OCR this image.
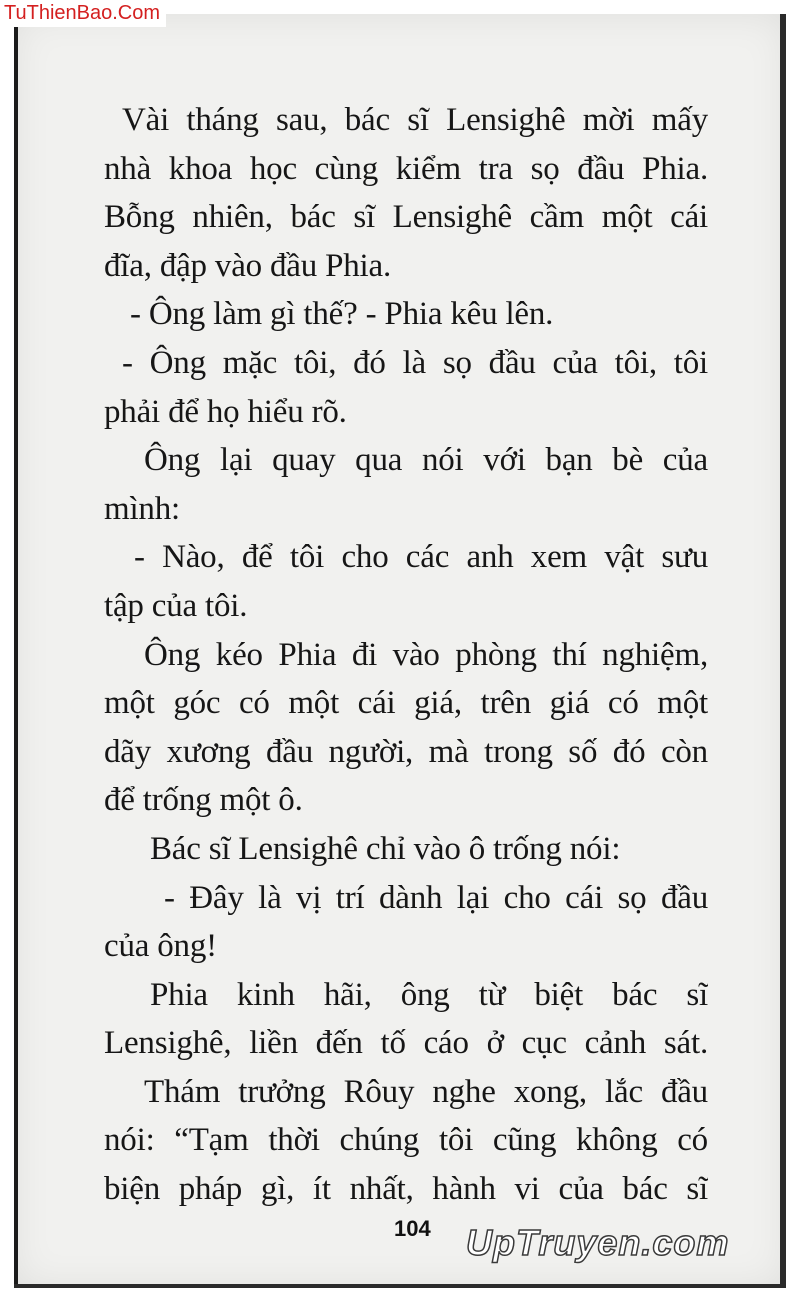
TuThienBao.Com
Vài tháng sau, bác sĩ Lensighê mời mấy
nhà khoa học cùng kiểm tra sọ đầu Phia.
Bỗng nhiên, bác sĩ Lensighê cầm một cái
đĩa, đập vào đầu Phia.
- Ông làm gì thế? - Phia kêu lên.
- Ông mặc tôi, đó là sọ đầu của tôi, tôi
phải để họ hiểu rõ.
Ông lại quay qua nói với bạn bè của
mình:
- Nào, để tôi cho các anh xem vật sưu
tập của tôi.
Ông kéo Phia đi vào phòng thí nghiệm,
một góc có một cái giá, trên giá có một
dãy xương đầu người, mà trong số đó còn
để trống một ô.
Bác sĩ Lensighê chỉ vào ô trống nói:
- Đây là vị trí dành lại cho cái sọ đầu
của ông!
Phia kinh hãi, ông từ biệt bác sĩ
Lensighê, liền đến tố cáo ở cục cảnh sát.
Thám trưởng Rôuy nghe xong, lắc đầu
nói: “Tạm thời chúng tôi cũng không có
biện pháp gì, ít nhất, hành vi của bác sĩ
104 UpTruyen.com
